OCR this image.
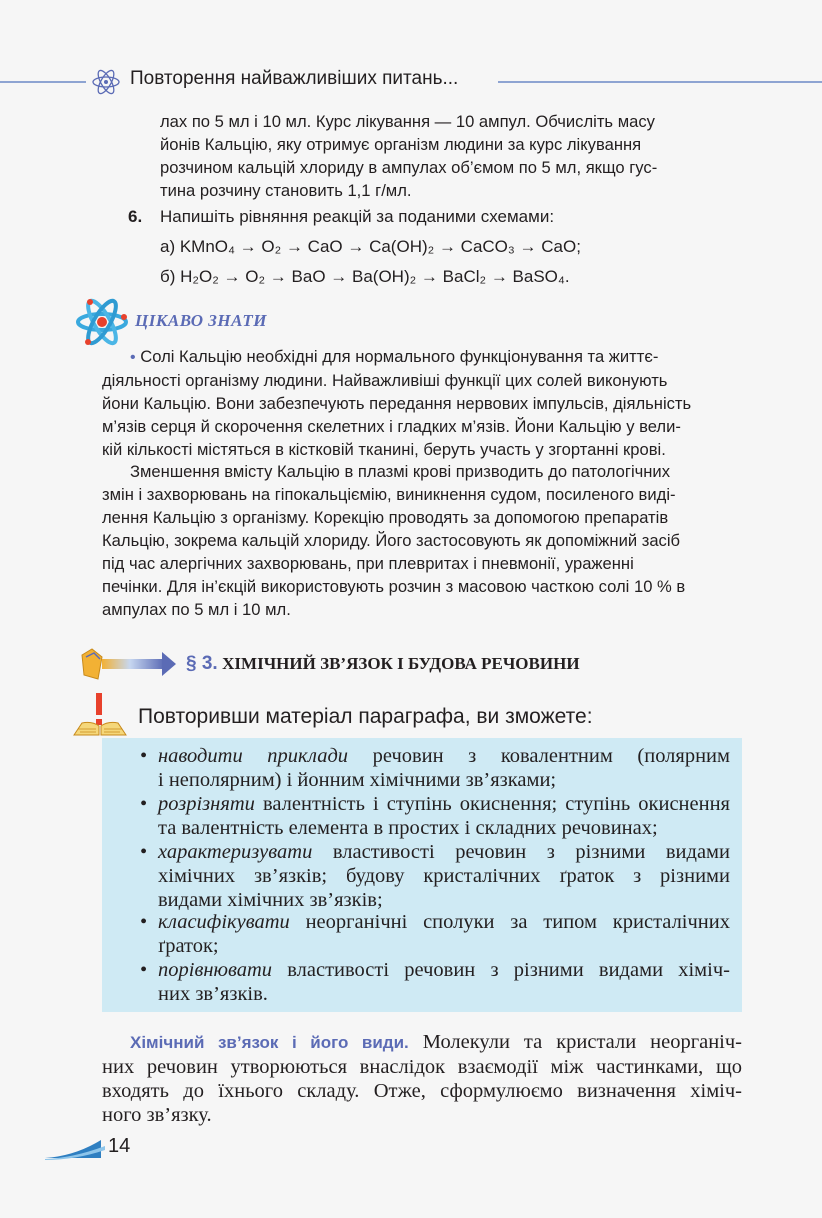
Повторення найважливіших питань...
лах по 5 мл і 10 мл. Курс лікування — 10 ампул. Обчисліть масу
йонів Кальцію, яку отримує організм людини за курс лікування
розчином кальцій хлориду в ампулах об’ємом по 5 мл, якщо гус-
тина розчину становить 1,1 г/мл.
6. Напишіть рівняння реакцій за поданими схемами:
а) KMnO₄ → O₂ → CaO → Ca(OH)₂ → CaCO₃ → CaO;
б) H₂O₂ → O₂ → BaO → Ba(OH)₂ → BaCl₂ → BaSO₄.
ЦІКАВО ЗНАТИ
• Солі Кальцію необхідні для нормального функціонування та життє-
діяльності організму людини. Найважливіші функції цих солей виконують
йони Кальцію. Вони забезпечують передання нервових імпульсів, діяльність
м’язів серця й скорочення скелетних і гладких м’язів. Йони Кальцію у вели-
кій кількості містяться в кістковій тканині, беруть участь у згортанні крові.
Зменшення вмісту Кальцію в плазмі крові призводить до патологічних
змін і захворювань на гіпокальціємію, виникнення судом, посиленого виді-
лення Кальцію з організму. Корекцію проводять за допомогою препаратів
Кальцію, зокрема кальцій хлориду. Його застосовують як допоміжний засіб
під час алергічних захворювань, при плевритах і пневмонії, ураженні
печінки. Для ін’єкцій використовують розчин з масовою часткою солі 10 % в
ампулах по 5 мл і 10 мл.
§ 3. ХІМІЧНИЙ ЗВ’ЯЗОК І БУДОВА РЕЧОВИНИ
Повторивши матеріал параграфа, ви зможете:
• наводити приклади речовин з ковалентним (полярним
і неполярним) і йонним хімічними зв’язками;
• розрізняти валентність і ступінь окиснення; ступінь окиснення
та валентність елемента в простих і складних речовинах;
• характеризувати властивості речовин з різними видами
хімічних зв’язків; будову кристалічних ґраток з різними
видами хімічних зв’язків;
• класифікувати неорганічні сполуки за типом кристалічних
ґраток;
• порівнювати властивості речовин з різними видами хіміч-
них зв’язків.
Хімічний зв’язок і його види. Молекули та кристали неорганіч-
них речовин утворюються внаслідок взаємодії між частинками, що
входять до їхнього складу. Отже, сформулюємо визначення хіміч-
ного зв’язку.
14
